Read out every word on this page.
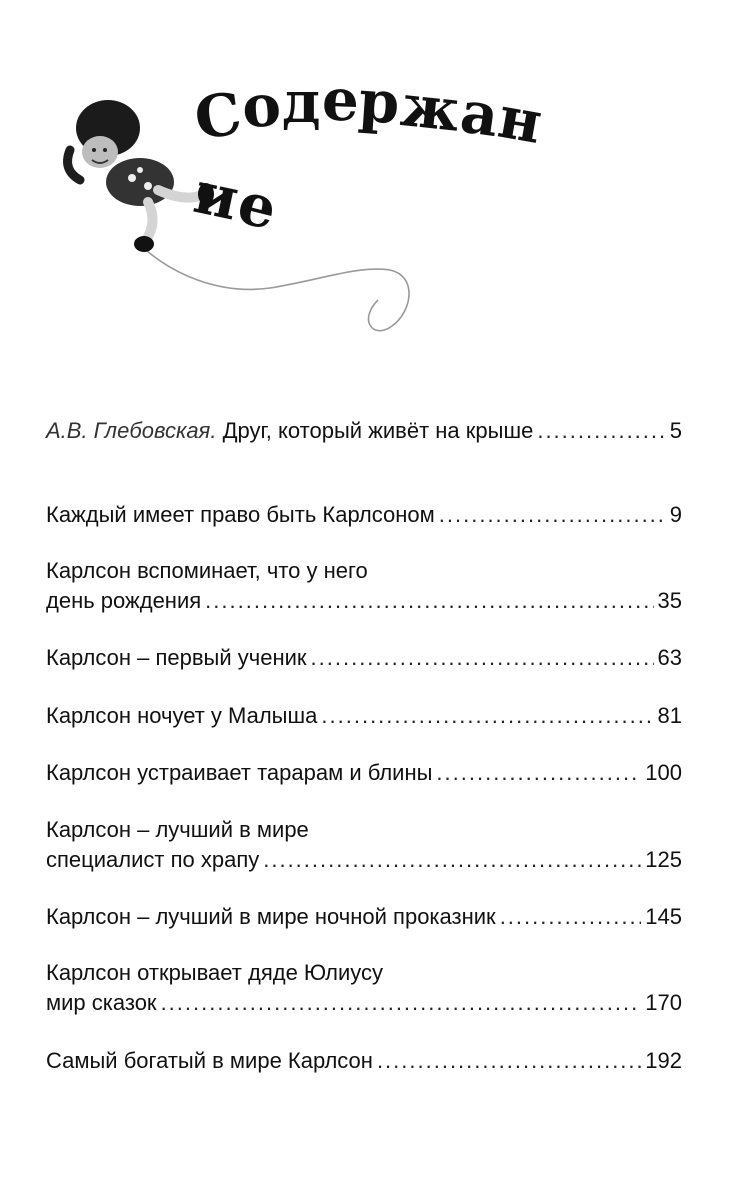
Содержание
А.В. Глебовская. Друг, который живёт на крыше .....	5
Каждый имеет право быть Карлсоном .....	9
Карлсон вспоминает, что у него
день рождения .....	35
Карлсон – первый ученик .....	63
Карлсон ночует у Малыша .....	81
Карлсон устраивает тарарам и блины .....	100
Карлсон – лучший в мире
специалист по храпу .....	125
Карлсон – лучший в мире ночной проказник .....	145
Карлсон открывает дяде Юлиусу
мир сказок .....	170
Самый богатый в мире Карлсон .....	192
